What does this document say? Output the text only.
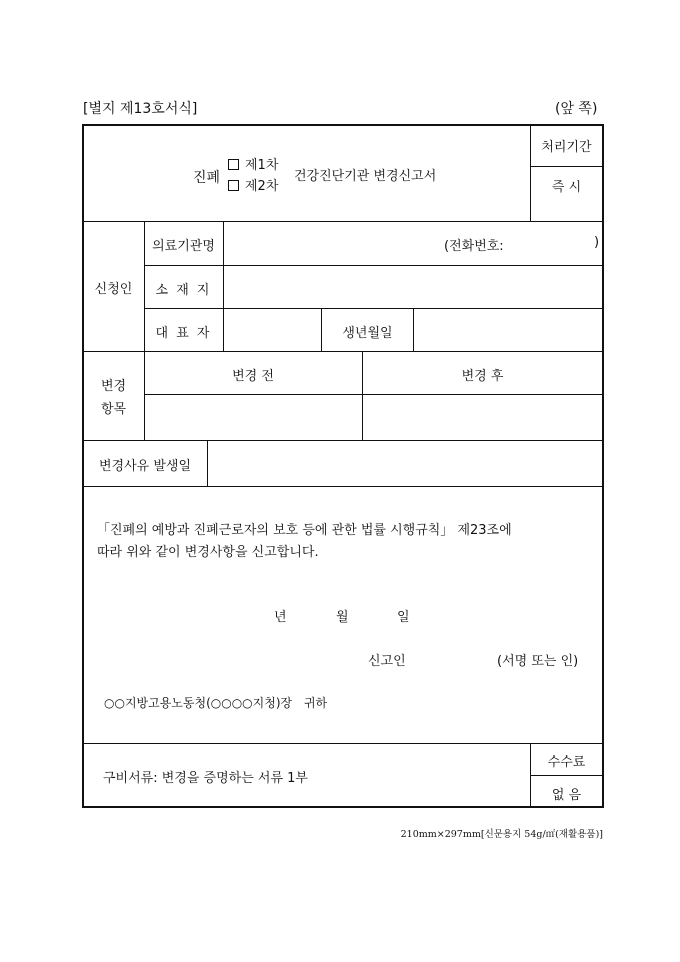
[별지 제13호서식]	(앞 쪽)
진폐
제1차
제2차
건강진단기관 변경신고서
처리기간
즉 시
신청인
의료기관명	(전화번호:	)
소 재 지
대 표 자	생년월일
변경
항목
변경 전	변경 후
변경사유 발생일
「진폐의 예방과 진폐근로자의 보호 등에 관한 법률 시행규칙」 제23조에
따라 위와 같이 변경사항을 신고합니다.
년	월	일
신고인	(서명 또는 인)
○○지방고용노동청(○○○○지청)장 귀하
구비서류: 변경을 증명하는 서류 1부
수수료
없 음
210mm×297mm[신문용지 54g/㎡(재활용품)]
